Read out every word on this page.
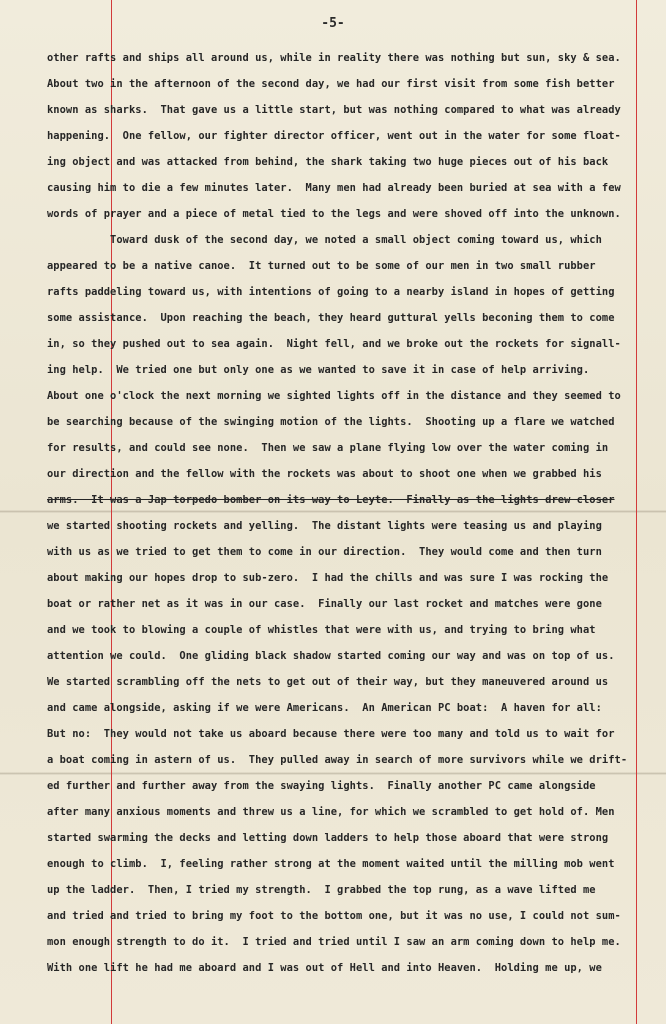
-5-
other rafts and ships all around us, while in reality there was nothing but sun, sky & sea.
About two in the afternoon of the second day, we had our first visit from some fish better
known as sharks.  That gave us a little start, but was nothing compared to what was already
happening.  One fellow, our fighter director officer, went out in the water for some float-
ing object and was attacked from behind, the shark taking two huge pieces out of his back
causing him to die a few minutes later.  Many men had already been buried at sea with a few
words of prayer and a piece of metal tied to the legs and were shoved off into the unknown.
Toward dusk of the second day, we noted a small object coming toward us, which
appeared to be a native canoe.  It turned out to be some of our men in two small rubber
rafts paddeling toward us, with intentions of going to a nearby island in hopes of getting
some assistance.  Upon reaching the beach, they heard guttural yells beconing them to come
in, so they pushed out to sea again.  Night fell, and we broke out the rockets for signall-
ing help.  We tried one but only one as we wanted to save it in case of help arriving.
About one o'clock the next morning we sighted lights off in the distance and they seemed to
be searching because of the swinging motion of the lights.  Shooting up a flare we watched
for results, and could see none.  Then we saw a plane flying low over the water coming in
our direction and the fellow with the rockets was about to shoot one when we grabbed his
arms.  It was a Jap torpedo bomber on its way to Leyte.  Finally as the lights drew closer
we started shooting rockets and yelling.  The distant lights were teasing us and playing
with us as we tried to get them to come in our direction.  They would come and then turn
about making our hopes drop to sub-zero.  I had the chills and was sure I was rocking the
boat or rather net as it was in our case.  Finally our last rocket and matches were gone
and we took to blowing a couple of whistles that were with us, and trying to bring what
attention we could.  One gliding black shadow started coming our way and was on top of us.
We started scrambling off the nets to get out of their way, but they maneuvered around us
and came alongside, asking if we were Americans.  An American PC boat:  A haven for all:
But no:  They would not take us aboard because there were too many and told us to wait for
a boat coming in astern of us.  They pulled away in search of more survivors while we drift-
ed further and further away from the swaying lights.  Finally another PC came alongside
after many anxious moments and threw us a line, for which we scrambled to get hold of. Men
started swarming the decks and letting down ladders to help those aboard that were strong
enough to climb.  I, feeling rather strong at the moment waited until the milling mob went
up the ladder.  Then, I tried my strength.  I grabbed the top rung, as a wave lifted me
and tried and tried to bring my foot to the bottom one, but it was no use, I could not sum-
mon enough strength to do it.  I tried and tried until I saw an arm coming down to help me.
With one lift he had me aboard and I was out of Hell and into Heaven.  Holding me up, we
